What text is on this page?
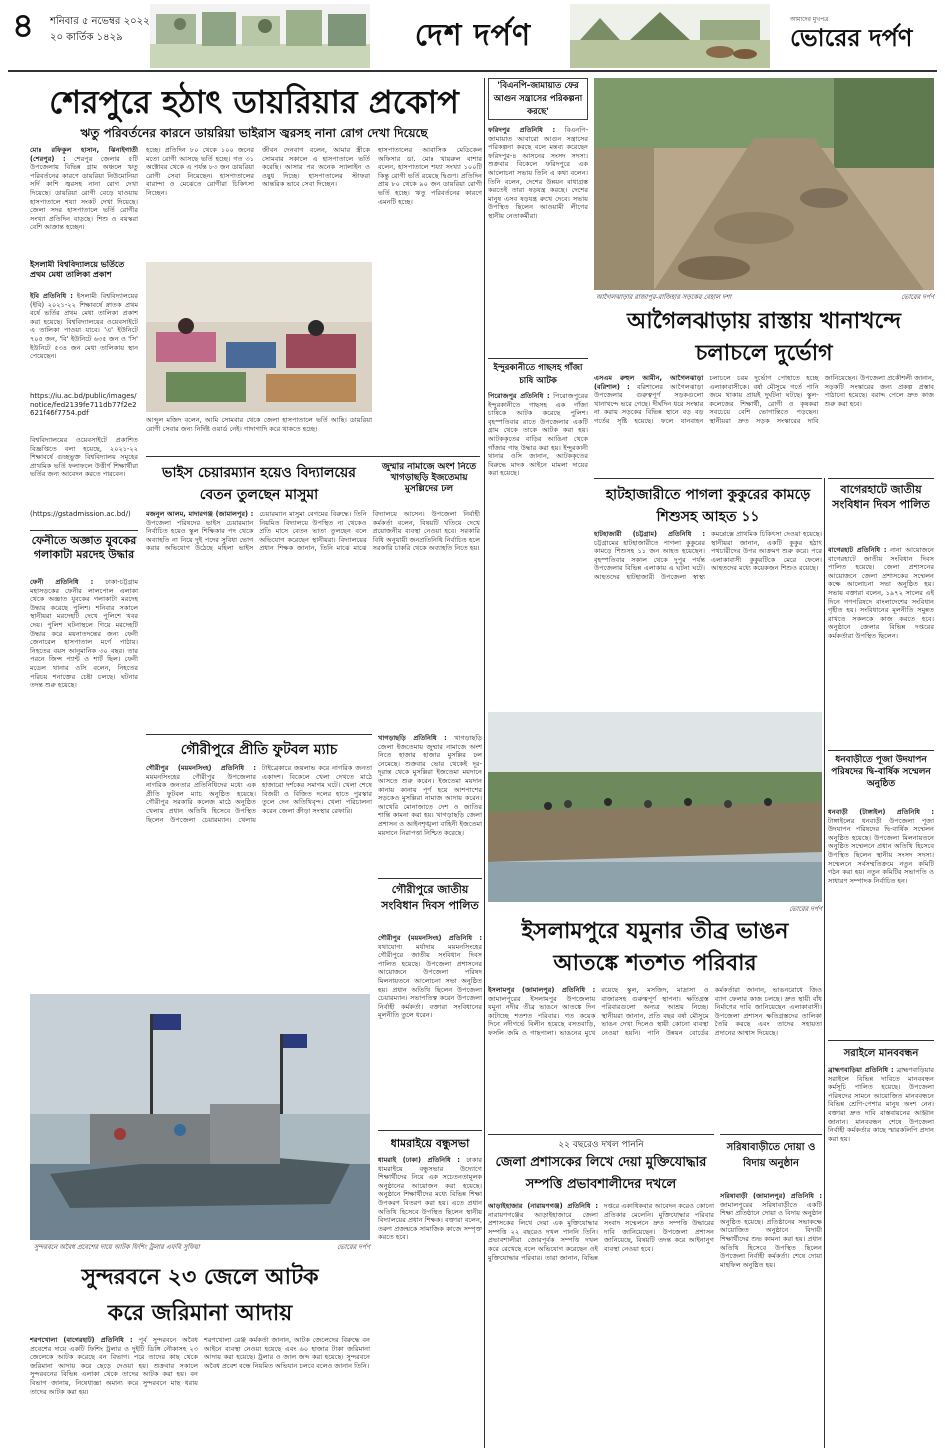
৪ শনিবার ৫ নভেম্বর ২০২২
২০ কার্তিক ১৪২৯	দেশ দর্পণ	আমাদের মুখপত্র
ভোরের দর্পণ
শেরপুরে হঠাৎ ডায়রিয়ার প্রকোপ
ঋতু পরিবর্তনের কারনে ডায়রিয়া ভাইরাস জ্বরসহ নানা রোগ দেখা দিয়েছে
মোঃ রফিকুল হাসান, ঝিনাইগাতী (শেরপুর) : শেরপুর জেলার ৫টি উপজেলায় বিভিন্ন গ্রাম অঞ্চলে ঋতু পরিবর্তনের কারণে ডায়রিয়া নিউমোনিয়া সর্দি কাশি জ্বরসহ নানা রোগ দেখা দিয়েছে। ডায়রিয়া রোগী বেড়ে যাওয়ায় হাসপাতালে শয্যা সংকট দেখা দিয়েছে। জেলা সদর হাসপাতালে ভর্তি রোগীর সংখ্যা প্রতিদিন বাড়ছে। শিশু ও বয়স্করা বেশি আক্রান্ত হচ্ছেন।
হচ্ছে। প্রতিদিন ৮০ থেকে ১০০ জনের মতো রোগী আসছে ভর্তি হচ্ছে। গত ৩১ অক্টোবর থেকে এ পর্যন্ত ৮৩ জন ডায়রিয়া রোগী সেবা নিয়েছেন। হাসপাতালের বারান্দা ও মেঝেতে রোগীরা চিকিৎসা নিচ্ছেন।
জীবন দেনবাগ বলেন, আমার স্ত্রীকে সোমবার সকালে এ হাসপাতালে ভর্তি করেছি। আসার পর অনেক স্যালাইন ও ওষুধ দিচ্ছে। হাসপাতালের স্টাফরা আন্তরিক ভাবে সেবা দিচ্ছেন।
হাসপাতালের আবাসিক মেডিকেল অফিসার ডা. মোঃ খায়রুল বাশার বলেন, হাসপাতালে শয্যা সংখ্যা ১০০টি কিন্তু রোগী ভর্তি রয়েছে দ্বিগুণ। প্রতিদিন প্রায় ৮০ থেকে ৯০ জন ডায়রিয়া রোগী ভর্তি হচ্ছে। ঋতু পরিবর্তনের কারণে এমনটি হচ্ছে।
আব্দুল মজিদ বলেন, আমি সোমবার থেকে জেলা হাসপাতালে ভর্তি আছি। ডায়রিয়া রোগী সেবার জন্য নির্দিষ্ট ওয়ার্ড নেই। গাদাগাদি করে থাকতে হচ্ছে।
ইসলামী বিশ্ববিদ্যালয়ে ভর্তিতে প্রথম মেধা তালিকা প্রকাশ
ইবি প্রতিনিধি : ইসলামী বিশ্ববিদ্যালয়ের (ইবি) ২০২১-২২ শিক্ষাবর্ষে স্নাতক প্রথম বর্ষে ভর্তির প্রথম মেধা তালিকা প্রকাশ করা হয়েছে। বিশ্ববিদ্যালয়ের ওয়েবসাইটে এ তালিকা পাওয়া যাবে। 'এ' ইউনিটে ৭০৫ জন, 'বি' ইউনিটে ৬৩৫ জন ও 'সি' ইউনিটে ৫৩৪ জন মেধা তালিকায় স্থান পেয়েছেন।
https://iu.ac.bd/public/images/notice/fed2139fe711db77f2e2621f46f7754.pdf
বিশ্ববিদ্যালয়ের ওয়েবসাইটে প্রকাশিত বিজ্ঞপ্তিতে বলা হয়েছে, ২০২১-২২ শিক্ষাবর্ষে গুচ্ছভুক্ত বিশ্ববিদ্যালয় সমূহের প্রাথমিক ভর্তি ফলাফলে উত্তীর্ণ শিক্ষার্থীরা ভর্তির জন্য আবেদন করতে পারবেন।
(https://gstadmission.ac.bd/)
ফেনীতে অজ্ঞাত যুবকের গলাকাটা মরদেহ উদ্ধার
ফেনী প্রতিনিধি : ঢাকা-চট্টগ্রাম মহাসড়কের ফেনীর লালপোল এলাকা থেকে অজ্ঞাত যুবকের গলাকাটা মরদেহ উদ্ধার করেছে পুলিশ। শনিবার সকালে স্থানীয়রা মরদেহটি দেখে পুলিশে খবর দেয়। পুলিশ ঘটনাস্থলে গিয়ে মরদেহটি উদ্ধার করে ময়নাতদন্তের জন্য ফেনী জেনারেল হাসপাতাল মর্গে পাঠায়। নিহতের বয়স আনুমানিক ৩০ বছর। তার পরনে জিন্স প্যান্ট ও শার্ট ছিল। ফেনী মডেল থানার ওসি বলেন, নিহতের পরিচয় শনাক্তের চেষ্টা চলছে। ঘটনার তদন্ত শুরু হয়েছে।
ভাইস চেয়ারম্যান হয়েও বিদ্যালয়ের বেতন তুলছেন মাসুমা
মজনুল আলম, মাদারগঞ্জ (জামালপুর) : উপজেলা পরিষদের ভাইস চেয়ারম্যান নির্বাচিত হয়েও স্কুল শিক্ষিকার পদ থেকে অব্যাহতি না নিয়ে দুই পদের সুবিধা ভোগ করার অভিযোগ উঠেছে মহিলা ভাইস চেয়ারম্যান মাসুমা বেগমের বিরুদ্ধে। তিনি নিয়মিত বিদ্যালয়ে উপস্থিত না থেকেও প্রতি মাসে বেতন ভাতা তুলছেন বলে অভিযোগ করেছেন স্থানীয়রা। বিদ্যালয়ের প্রধান শিক্ষক জানান, তিনি মাঝে মাঝে বিদ্যালয়ে আসেন। উপজেলা নির্বাহী কর্মকর্তা বলেন, বিষয়টি খতিয়ে দেখে প্রয়োজনীয় ব্যবস্থা নেওয়া হবে। সরকারি বিধি অনুযায়ী জনপ্রতিনিধি নির্বাচিত হলে সরকারি চাকরি থেকে অব্যাহতি নিতে হয়।
গৌরীপুরে প্রীতি ফুটবল ম্যাচ
গৌরীপুর (ময়মনসিংহ) প্রতিনিধি : ময়মনসিংহের গৌরীপুর উপজেলার নাগরিক জনতার প্রতিনিধিদের মধ্যে এক প্রীতি ফুটবল ম্যাচ অনুষ্ঠিত হয়েছে। গৌরীপুর সরকারি কলেজ মাঠে অনুষ্ঠিত খেলায় প্রধান অতিথি হিসেবে উপস্থিত ছিলেন উপজেলা চেয়ারম্যান। খেলায় টাইব্রেকারে জয়লাভ করে নাগরিক জনতা একাদশ। বিকেলে খেলা দেখতে মাঠে হাজারো দর্শকের সমাগম ঘটে। খেলা শেষে বিজয়ী ও বিজিত দলের হাতে পুরস্কার তুলে দেন অতিথিবৃন্দ। খেলা পরিচালনা করেন জেলা ক্রীড়া সংস্থার রেফারি।
জুম্মার নামাজে অংশ নিতে খাগড়াছড়ি ইজতেমায় মুসল্লিদের ঢল
খাগড়াছড়ি প্রতিনিধি : খাগড়াছড়ি জেলা ইজতেমায় জুম্মার নামাজে অংশ নিতে হাজার হাজার মুসল্লির ঢল নেমেছে। শুক্রবার ভোর থেকেই দূর-দূরান্ত থেকে মুসল্লিরা ইজতেমা ময়দানে আসতে শুরু করেন। ইজতেমা ময়দান কানায় কানায় পূর্ণ হয়ে আশপাশের সড়কেও মুসল্লিরা নামাজ আদায় করেন। আখেরি মোনাজাতে দেশ ও জাতির শান্তি কামনা করা হয়। খাগড়াছড়ি জেলা প্রশাসন ও আইনশৃঙ্খলা বাহিনী ইজতেমা ময়দানে নিরাপত্তা নিশ্চিত করেছে।
গৌরীপুরে জাতীয় সংবিধান দিবস পালিত
গৌরীপুর (ময়মনসিংহ) প্রতিনিধি : যথাযোগ্য মর্যাদায় ময়মনসিংহের গৌরীপুরে জাতীয় সংবিধান দিবস পালিত হয়েছে। উপজেলা প্রশাসনের আয়োজনে উপজেলা পরিষদ মিলনায়তনে আলোচনা সভা অনুষ্ঠিত হয়। প্রধান অতিথি ছিলেন উপজেলা চেয়ারম্যান। সভাপতিত্ব করেন উপজেলা নির্বাহী কর্মকর্তা। বক্তারা সংবিধানের মূলনীতি তুলে ধরেন।
ধামরাইয়ে বন্ধুসভা
ধামরাই (ঢাকা) প্রতিনিধি : ঢাকার ধামরাইয়ে বন্ধুসভার উদ্যোগে শিক্ষার্থীদের নিয়ে এক সচেতনতামূলক অনুষ্ঠানের আয়োজন করা হয়েছে। অনুষ্ঠানে শিক্ষার্থীদের মধ্যে বিভিন্ন শিক্ষা উপকরণ বিতরণ করা হয়। এতে প্রধান অতিথি হিসেবে উপস্থিত ছিলেন স্থানীয় বিদ্যালয়ের প্রধান শিক্ষক। বক্তারা বলেন, তরুণ প্রজন্মকে সামাজিক কাজে সম্পৃক্ত করতে হবে।
সুন্দরবনে অবৈধ প্রবেশের দায়ে আটক ফিশিং ট্রলার এফবি সুফিয়া	ভোরের দর্পণ
সুন্দরবনে ২৩ জেলে আটক
করে জরিমানা আদায়
শরণখোলা (বাগেরহাট) প্রতিনিধি : পূর্ব সুন্দরবনে অবৈধ প্রবেশের দায়ে একটি ফিশিং ট্রলার ও দুইটি ডিঙ্গি নৌকাসহ ২৩ জেলেকে আটক করেছে বন বিভাগ। পরে তাদের কাছ থেকে জরিমানা আদায় করে ছেড়ে দেওয়া হয়। শুক্রবার সকালে সুন্দরবনের বিভিন্ন এলাকা থেকে তাদের আটক করা হয়। বন বিভাগ জানায়, নিষেধাজ্ঞা অমান্য করে সুন্দরবনে মাছ ধরায় তাদের আটক করা হয়।
শরণখোলা রেঞ্জ কর্মকর্তা জানান, আটক জেলেদের বিরুদ্ধে বন আইনে ব্যবস্থা নেওয়া হয়েছে এবং ৬০ হাজার টাকা জরিমানা আদায় করা হয়েছে। ট্রলার ও জাল জব্দ করা হয়েছে। সুন্দরবনে অবৈধ প্রবেশ বন্ধে নিয়মিত অভিযান চলবে বলেও জানান তিনি।
'বিএনপি-জামায়াত ফের আগুন সন্ত্রাসের পরিকল্পনা করছে'
ফরিদপুর প্রতিনিধি : বিএনপি-জামায়াত আবারো আগুন সন্ত্রাসের পরিকল্পনা করছে বলে মন্তব্য করেছেন ফরিদপুর-৪ আসনের সংসদ সদস্য। শুক্রবার বিকেলে ফরিদপুরে এক আলোচনা সভায় তিনি এ কথা বলেন। তিনি বলেন, দেশের উন্নয়ন বাধাগ্রস্ত করতেই তারা ষড়যন্ত্র করছে। দেশের মানুষ এসব ষড়যন্ত্র রুখে দেবে। সভায় উপস্থিত ছিলেন আওয়ামী লীগের স্থানীয় নেতাকর্মীরা।
ইন্দুরকানীতে গাছসহ গাঁজা চাষি আটক
পিরোজপুর প্রতিনিধি : পিরোজপুরের ইন্দুরকানীতে গাছসহ এক গাঁজা চাষিকে আটক করেছে পুলিশ। বৃহস্পতিবার রাতে উপজেলার একটি গ্রাম থেকে তাকে আটক করা হয়। আটককৃতের বাড়ির আঙিনা থেকে গাঁজার গাছ উদ্ধার করা হয়। ইন্দুরকানী থানার ওসি জানান, আটককৃতের বিরুদ্ধে মাদক আইনে মামলা দায়ের করা হয়েছে।
আগৈলঝাড়ার রাজাপুর-রাজিহার সড়কের বেহাল দশা	ভোরের দর্পণ
আগৈলঝাড়ায় রাস্তায় খানাখন্দে চলাচলে দুর্ভোগ
এসএম রুহুল আমীন, আগৈলঝাড়া (বরিশাল) : বরিশালের আগৈলঝাড়া উপজেলার গুরুত্বপূর্ণ সড়কগুলো খানাখন্দে ভরে গেছে। দীর্ঘদিন ধরে সংস্কার না করায় সড়কের বিভিন্ন স্থানে বড় বড় গর্তের সৃষ্টি হয়েছে। ফলে যানবাহন চলাচলে চরম দুর্ভোগ পোহাতে হচ্ছে এলাকাবাসীকে। বর্ষা মৌসুমে গর্তে পানি জমে থাকায় প্রায়ই দুর্ঘটনা ঘটছে। স্কুল-কলেজের শিক্ষার্থী, রোগী ও কৃষকরা সবচেয়ে বেশি ভোগান্তিতে পড়ছেন। স্থানীয়রা দ্রুত সড়ক সংস্কারের দাবি জানিয়েছেন। উপজেলা প্রকৌশলী জানান, সড়কটি সংস্কারের জন্য প্রকল্প প্রস্তাব পাঠানো হয়েছে। বরাদ্দ পেলে দ্রুত কাজ শুরু করা হবে।
হাটহাজারীতে পাগলা কুকুরের কামড়ে শিশুসহ আহত ১১
হাটহাজারী (চট্টগ্রাম) প্রতিনিধি : চট্টগ্রামের হাটহাজারীতে পাগলা কুকুরের কামড়ে শিশুসহ ১১ জন আহত হয়েছেন। বৃহস্পতিবার সকাল থেকে দুপুর পর্যন্ত উপজেলার বিভিন্ন এলাকায় এ ঘটনা ঘটে। আহতদের হাটহাজারী উপজেলা স্বাস্থ্য কমপ্লেক্সে প্রাথমিক চিকিৎসা দেওয়া হয়েছে। স্থানীয়রা জানান, একটি কুকুর হঠাৎ পথচারীদের উপর আক্রমণ শুরু করে। পরে এলাকাবাসী কুকুরটিকে মেরে ফেলে। আহতদের মধ্যে কয়েকজন শিশুও রয়েছে।
বাগেরহাটে জাতীয় সংবিধান দিবস পালিত
বাগেরহাট প্রতিনিধি : নানা আয়োজনে বাগেরহাটে জাতীয় সংবিধান দিবস পালিত হয়েছে। জেলা প্রশাসনের আয়োজনে জেলা প্রশাসকের সম্মেলন কক্ষে আলোচনা সভা অনুষ্ঠিত হয়। সভায় বক্তারা বলেন, ১৯৭২ সালের এই দিনে গণপরিষদে বাংলাদেশের সংবিধান গৃহীত হয়। সংবিধানের মূলনীতি সমুন্নত রাখতে সকলকে কাজ করতে হবে। অনুষ্ঠানে জেলার বিভিন্ন দপ্তরের কর্মকর্তারা উপস্থিত ছিলেন।
ধনবাড়ীতে পূজা উদযাপন পরিষদের দ্বি-বার্ষিক সম্মেলন অনুষ্ঠিত
ধনবাড়ী (টাঙ্গাইল) প্রতিনিধি : টাঙ্গাইলের ধনবাড়ী উপজেলা পূজা উদযাপন পরিষদের দ্বি-বার্ষিক সম্মেলন অনুষ্ঠিত হয়েছে। উপজেলা মিলনায়তনে অনুষ্ঠিত সম্মেলনে প্রধান অতিথি হিসেবে উপস্থিত ছিলেন স্থানীয় সংসদ সদস্য। সম্মেলনে সর্বসম্মতিক্রমে নতুন কমিটি গঠন করা হয়। নতুন কমিটির সভাপতি ও সাধারণ সম্পাদক নির্বাচিত হন।
সরাইলে মানববন্ধন
ব্রাহ্মণবাড়িয়া প্রতিনিধি : ব্রাহ্মণবাড়িয়ার সরাইলে বিভিন্ন দাবিতে মানববন্ধন কর্মসূচি পালিত হয়েছে। উপজেলা পরিষদের সামনে আয়োজিত মানববন্ধনে বিভিন্ন শ্রেণি-পেশার মানুষ অংশ নেন। বক্তারা দ্রুত দাবি বাস্তবায়নের আহ্বান জানান। মানববন্ধন শেষে উপজেলা নির্বাহী কর্মকর্তার কাছে স্মারকলিপি প্রদান করা হয়।
ভোরের দর্পণ
ইসলামপুরে যমুনার তীব্র ভাঙন
আতঙ্কে শতশত পরিবার
ইসলামপুর (জামালপুর) প্রতিনিধি : জামালপুরের ইসলামপুর উপজেলায় যমুনা নদীর তীব্র ভাঙনে আতঙ্কে দিন কাটাচ্ছে শতশত পরিবার। গত কয়েক দিনে নদীগর্ভে বিলীন হয়েছে বসতবাড়ি, ফসলি জমি ও গাছপালা। ভাঙনের মুখে রয়েছে স্কুল, মসজিদ, মাদ্রাসা ও বাজারসহ গুরুত্বপূর্ণ স্থাপনা। ক্ষতিগ্রস্ত পরিবারগুলো অন্যত্র আশ্রয় নিচ্ছে। স্থানীয়রা জানান, প্রতি বছর বর্ষা মৌসুমে ভাঙন দেখা দিলেও স্থায়ী কোনো ব্যবস্থা নেওয়া হয়নি। পানি উন্নয়ন বোর্ডের কর্মকর্তারা জানান, ভাঙনরোধে জিও ব্যাগ ফেলার কাজ চলছে। দ্রুত স্থায়ী বাঁধ নির্মাণের দাবি জানিয়েছেন এলাকাবাসী। উপজেলা প্রশাসন ক্ষতিগ্রস্তদের তালিকা তৈরি করছে এবং তাদের সহায়তা প্রদানের আশ্বাস দিয়েছে।
২২ বছরেও দখল পাননি
জেলা প্রশাসকের লিখে দেয়া মুক্তিযোদ্ধার সম্পত্তি প্রভাবশালীদের দখলে
আড়াইহাজার (নারায়ণগঞ্জ) প্রতিনিধি : নারায়ণগঞ্জের আড়াইহাজারে জেলা প্রশাসকের লিখে দেয়া এক মুক্তিযোদ্ধার সম্পত্তি ২২ বছরেও দখল পাননি তিনি। প্রভাবশালীরা জোরপূর্বক সম্পত্তি দখল করে রেখেছে বলে অভিযোগ করেছেন ওই মুক্তিযোদ্ধার পরিবার। তারা জানান, বিভিন্ন দপ্তরে একাধিকবার আবেদন করেও কোনো প্রতিকার মেলেনি। মুক্তিযোদ্ধার পরিবার সংবাদ সম্মেলনে দ্রুত সম্পত্তি উদ্ধারের দাবি জানিয়েছেন। উপজেলা প্রশাসন জানিয়েছে, বিষয়টি তদন্ত করে আইনানুগ ব্যবস্থা নেওয়া হবে।
সরিষাবাড়ীতে দোয়া ও বিদায় অনুষ্ঠান
সরিষাবাড়ী (জামালপুর) প্রতিনিধি : জামালপুরের সরিষাবাড়ীতে একটি শিক্ষা প্রতিষ্ঠানে দোয়া ও বিদায় অনুষ্ঠান অনুষ্ঠিত হয়েছে। প্রতিষ্ঠানের সভাকক্ষে আয়োজিত অনুষ্ঠানে বিদায়ী শিক্ষার্থীদের শুভ কামনা করা হয়। প্রধান অতিথি হিসেবে উপস্থিত ছিলেন উপজেলা নির্বাহী কর্মকর্তা। শেষে দোয়া মাহফিল অনুষ্ঠিত হয়।
